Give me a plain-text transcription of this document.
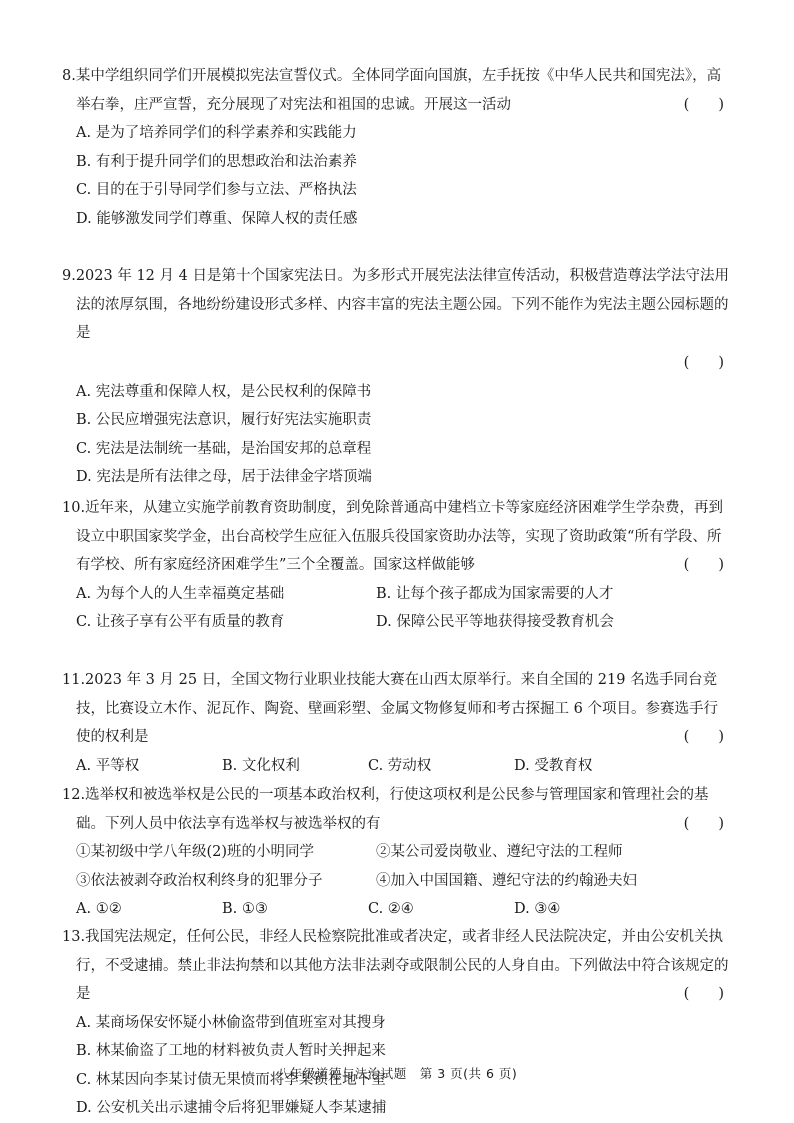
8.某中学组织同学们开展模拟宪法宣誓仪式。全体同学面向国旗，左手抚按《中华人民共和国宪法》，高举右拳，庄严宣誓，充分展现了对宪法和祖国的忠诚。开展这一活动	(　　)
A. 是为了培养同学们的科学素养和实践能力
B. 有利于提升同学们的思想政治和法治素养
C. 目的在于引导同学们参与立法、严格执法
D. 能够激发同学们尊重、保障人权的责任感
9.2023 年 12 月 4 日是第十个国家宪法日。为多形式开展宪法法律宣传活动，积极营造尊法学法守法用法的浓厚氛围，各地纷纷建设形式多样、内容丰富的宪法主题公园。下列不能作为宪法主题公园标题的是
(　　)
A. 宪法尊重和保障人权，是公民权利的保障书
B. 公民应增强宪法意识，履行好宪法实施职责
C. 宪法是法制统一基础，是治国安邦的总章程
D. 宪法是所有法律之母，居于法律金字塔顶端
10.近年来，从建立实施学前教育资助制度，到免除普通高中建档立卡等家庭经济困难学生学杂费，再到设立中职国家奖学金，出台高校学生应征入伍服兵役国家资助办法等，实现了资助政策“所有学段、所有学校、所有家庭经济困难学生”三个全覆盖。国家这样做能够	(　　)
A. 为每个人的人生幸福奠定基础	B. 让每个孩子都成为国家需要的人才
C. 让孩子享有公平有质量的教育	D. 保障公民平等地获得接受教育机会
11.2023 年 3 月 25 日，全国文物行业职业技能大赛在山西太原举行。来自全国的 219 名选手同台竞技，比赛设立木作、泥瓦作、陶瓷、壁画彩塑、金属文物修复师和考古探掘工 6 个项目。参赛选手行使的权利是	(　　)
A. 平等权	B. 文化权利	C. 劳动权	D. 受教育权
12.选举权和被选举权是公民的一项基本政治权利，行使这项权利是公民参与管理国家和管理社会的基础。下列人员中依法享有选举权与被选举权的有	(　　)
①某初级中学八年级(2)班的小明同学	②某公司爱岗敬业、遵纪守法的工程师
③依法被剥夺政治权利终身的犯罪分子	④加入中国国籍、遵纪守法的约翰逊夫妇
A. ①②	B. ①③	C. ②④	D. ③④
13.我国宪法规定，任何公民，非经人民检察院批准或者决定，或者非经人民法院决定，并由公安机关执行，不受逮捕。禁止非法拘禁和以其他方法非法剥夺或限制公民的人身自由。下列做法中符合该规定的是	(　　)
A. 某商场保安怀疑小林偷盗带到值班室对其搜身
B. 林某偷盗了工地的材料被负责人暂时关押起来
C. 林某因向李某讨债无果愤而将李某锁在地下室
D. 公安机关出示逮捕令后将犯罪嫌疑人李某逮捕
八年级道德与法治试题　第 3 页(共 6 页)
